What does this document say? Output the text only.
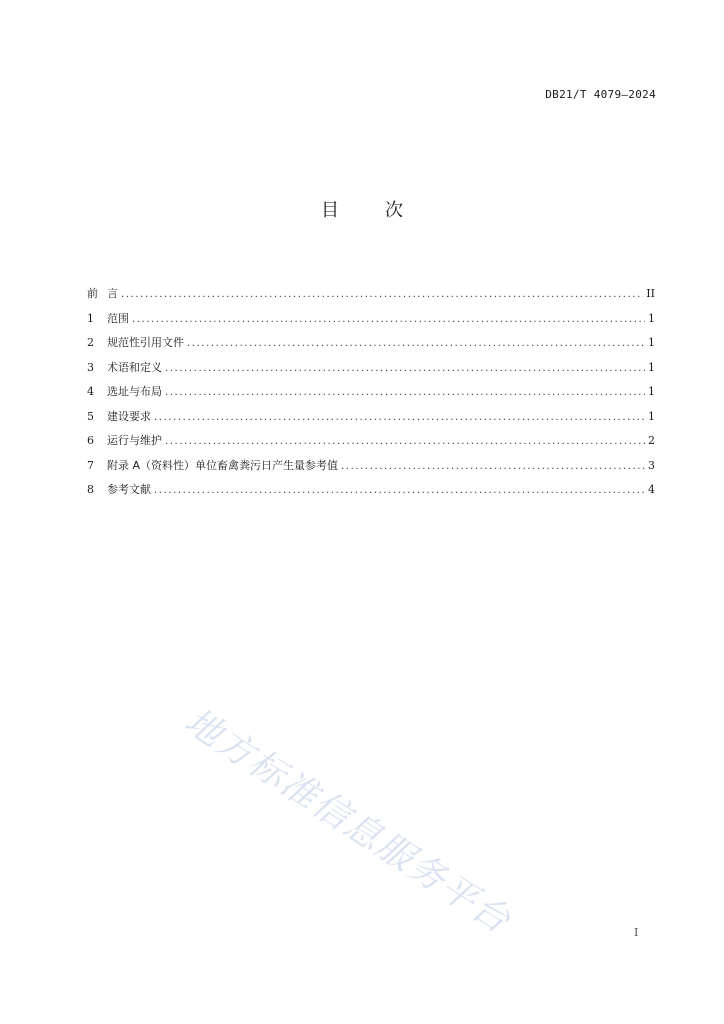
DB21/T 4079—2024
目	次
前 言 .....	II
1	范围 .....	1
2	规范性引用文件 .....	1
3	术语和定义 .....	1
4	选址与布局 .....	1
5	建设要求 .....	1
6	运行与维护 .....	2
7	附录 A（资料性）单位畜禽粪污日产生量参考值 .....	3
8	参考文献 .....	4
地方标准信息服务平台	I
